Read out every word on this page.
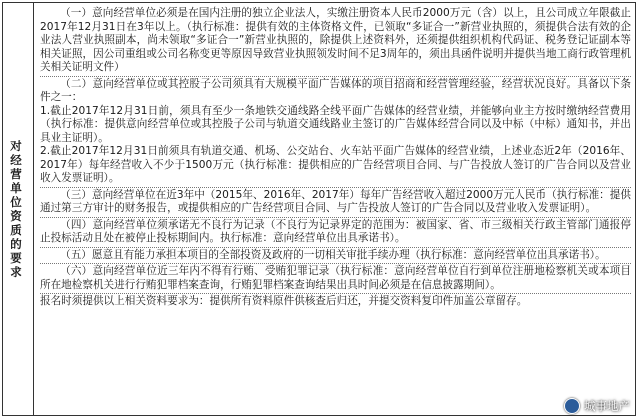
对经营单位资质的要求

（一）意向经营单位必须是在国内注册的独立企业法人，实缴注册资本人民币2000万元（含）以上，且公司成立年限截止2017年12月31日在3年以上。（执行标准：提供有效的主体资格文件，已领取“多证合一”新营业执照的，须提供合法有效的企业法人营业执照副本，尚未领取“多证合一”新营业执照的，除提供上述资料外，还须提供组织机构代码证、税务登记证副本等相关证照，因公司重组或公司名称变更等原因导致营业执照领发时间不足3周年的，须出具函件说明并提供当地工商行政管理机关相关证明文件）

（二）意向经营单位或其控股子公司须具有大规模平面广告媒体的项目招商和经营管理经验，经营状况良好。具备以下条件之一：

1.截止2017年12月31日前，须具有至少一条地铁交通线路全线平面广告媒体的经营业绩，并能够向业主方按时缴纳经营费用（执行标准：提供意向经营单位或其控股子公司与轨道交通线路业主签订的广告媒体经营合同以及中标（中标）通知书，并出具业主证明）。

2.截止2017年12月31日前须具有轨道交通、机场、公交站台、火车站平面广告媒体的经营业绩，上述业态近2年（2016年、2017年）每年经营收入不少于1500万元（执行标准：提供相应的广告经营项目合同、与广告投放人签订的广告合同以及营业收入发票证明）。

（三）意向经营单位在近3年中（2015年、2016年、2017年）每年广告经营收入超过2000万元人民币（执行标准：提供通过第三方审计的财务报告，或提供相应的广告经营项目合同、与广告投放人签订的广告合同以及营业收入发票证明）。

（四）意向经营单位须承诺无不良行为记录（不良行为记录界定的范围为：被国家、省、市三级相关行政主管部门通报停止投标活动且处在被停止投标期间内。执行标准：意向经营单位出具承诺书）。

（五）愿意且有能力承担本项目的全部投资及政府的一切相关审批手续办理（执行标准：意向经营单位出具承诺书）。

（六）意向经营单位近三年内不得有行贿、受贿犯罪记录（执行标准：意向经营单位自行到单位注册地检察机关或本项目所在地检察机关进行行贿犯罪档案查询，行贿犯罪档案查询结果出具时间必须是在信息披露期间）。

报名时须提供以上相关资料要求为：提供所有资料原件供核查后归还，并提交资料复印件加盖公章留存。

城事地产
